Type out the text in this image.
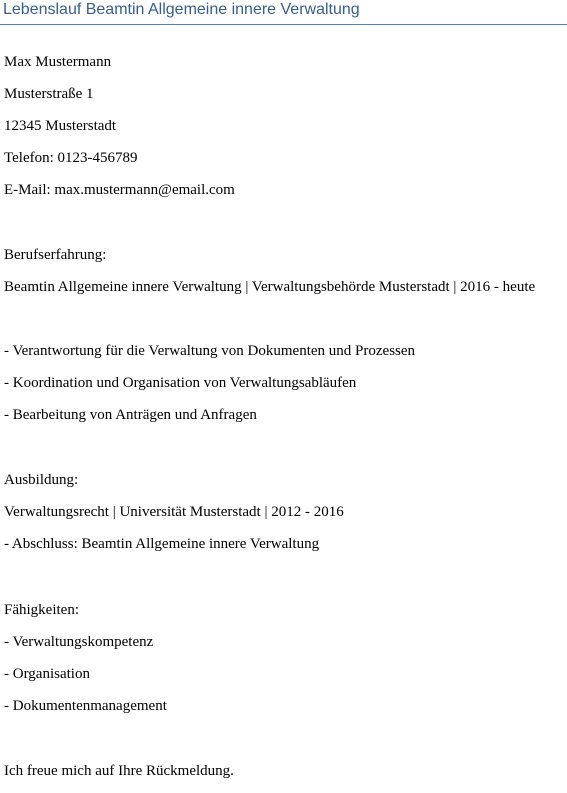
Lebenslauf Beamtin Allgemeine innere Verwaltung
Max Mustermann
Musterstraße 1
12345 Musterstadt
Telefon: 0123-456789
E-Mail: max.mustermann@email.com
Berufserfahrung:
Beamtin Allgemeine innere Verwaltung | Verwaltungsbehörde Musterstadt | 2016 - heute
- Verantwortung für die Verwaltung von Dokumenten und Prozessen
- Koordination und Organisation von Verwaltungsabläufen
- Bearbeitung von Anträgen und Anfragen
Ausbildung:
Verwaltungsrecht | Universität Musterstadt | 2012 - 2016
- Abschluss: Beamtin Allgemeine innere Verwaltung
Fähigkeiten:
- Verwaltungskompetenz
- Organisation
- Dokumentenmanagement
Ich freue mich auf Ihre Rückmeldung.
